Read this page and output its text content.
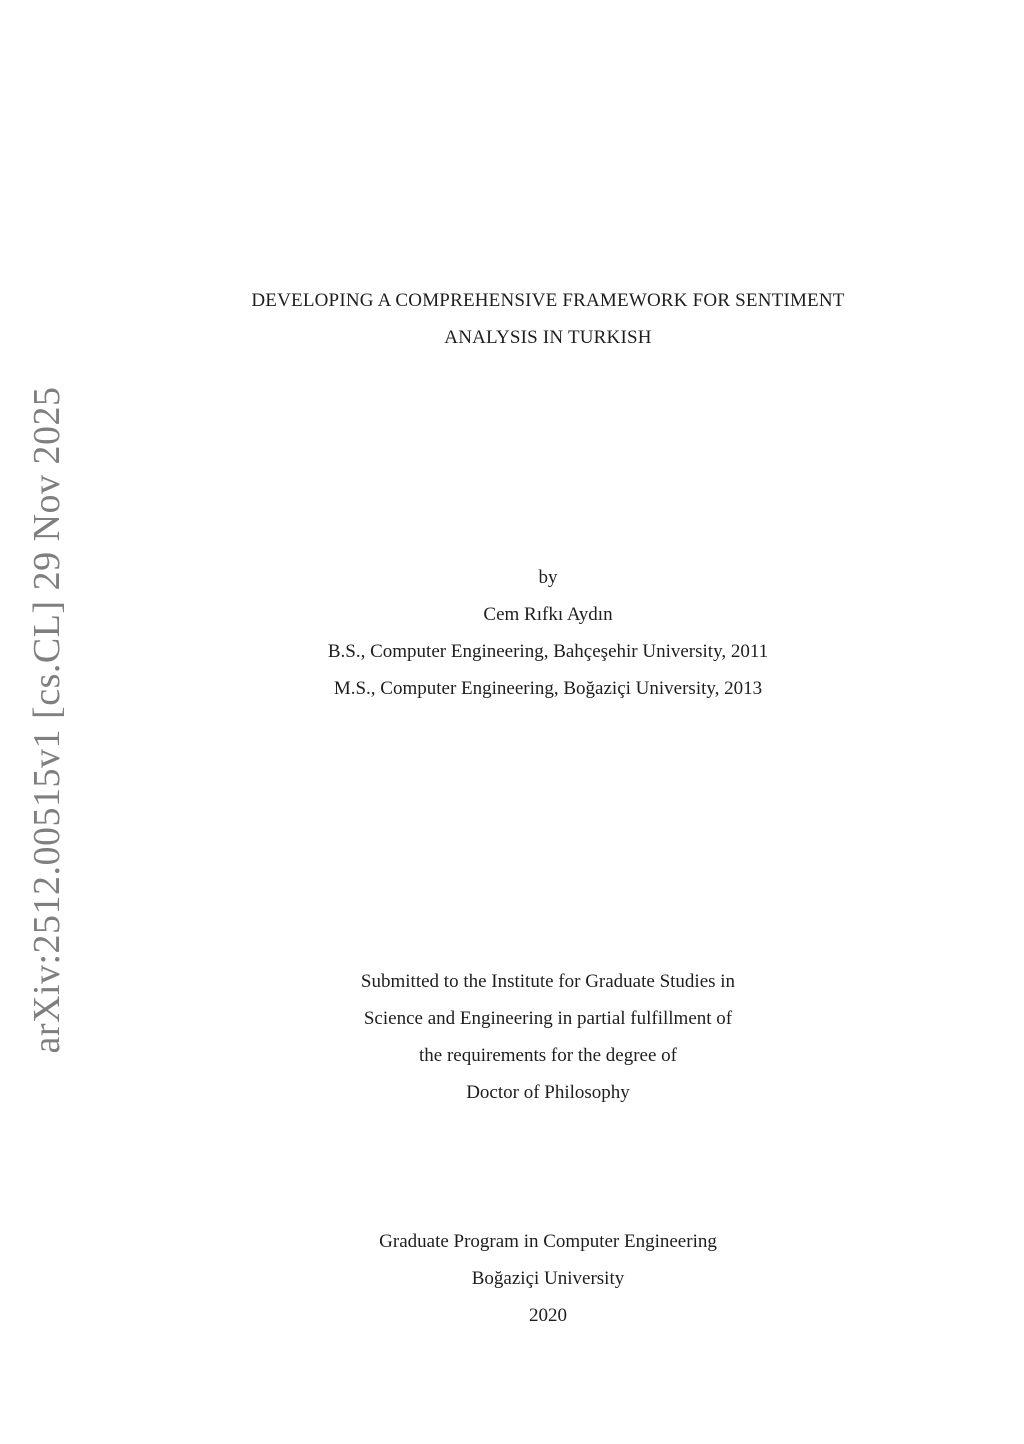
arXiv:2512.00515v1 [cs.CL] 29 Nov 2025
DEVELOPING A COMPREHENSIVE FRAMEWORK FOR SENTIMENT
ANALYSIS IN TURKISH
by
Cem Rıfkı Aydın
B.S., Computer Engineering, Bahçeşehir University, 2011
M.S., Computer Engineering, Boğaziçi University, 2013
Submitted to the Institute for Graduate Studies in
Science and Engineering in partial fulfillment of
the requirements for the degree of
Doctor of Philosophy
Graduate Program in Computer Engineering
Boğaziçi University
2020
